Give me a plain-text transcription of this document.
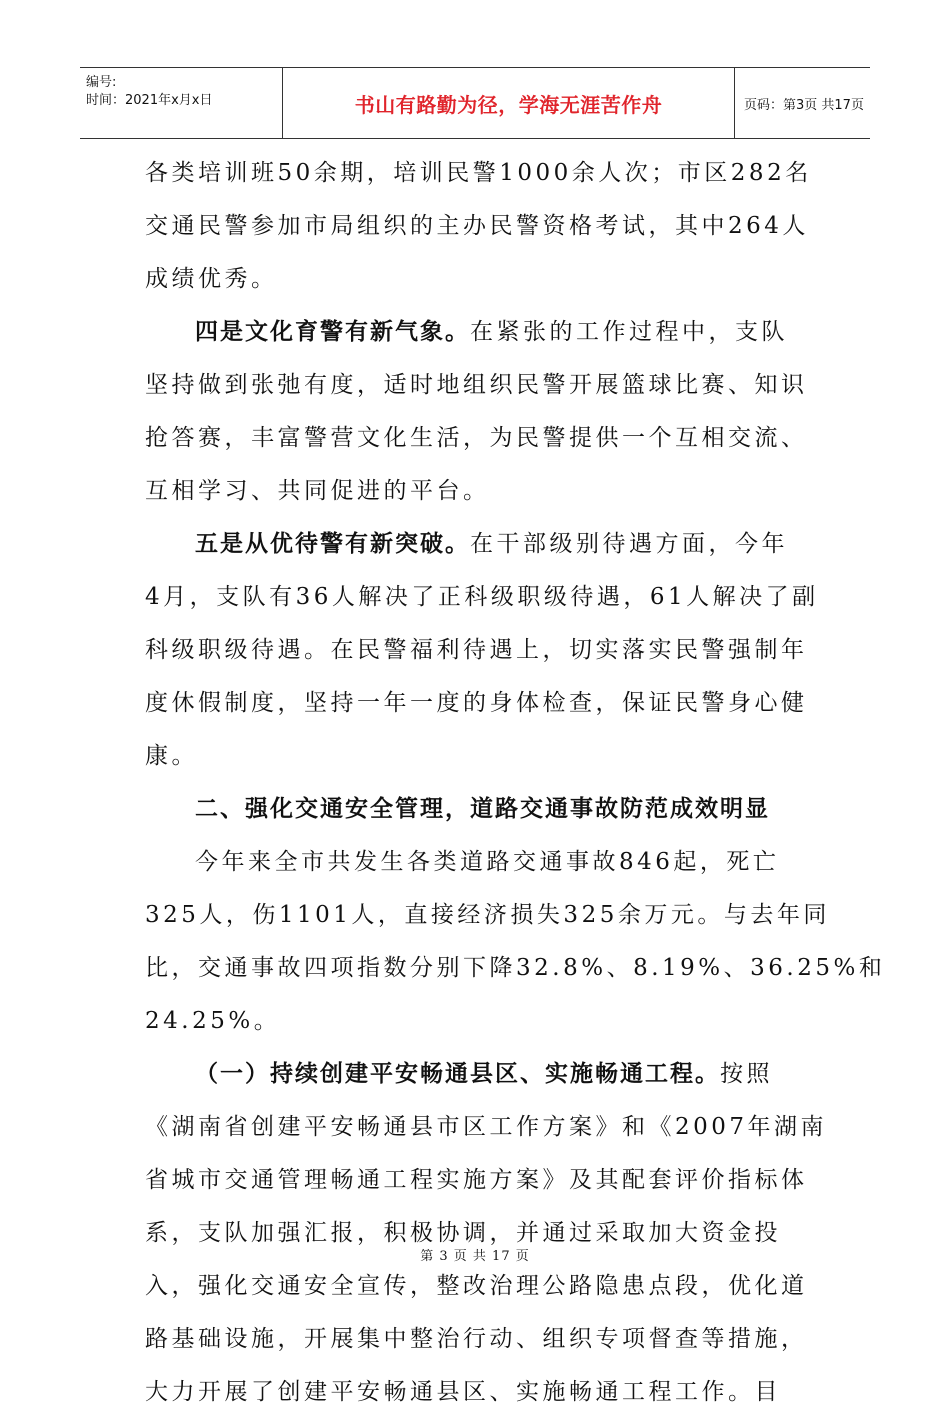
编号:
时间：2021年x月x日	书山有路勤为径，学海无涯苦作舟	页码：第3页 共17页
各类培训班50余期，培训民警1000余人次；市区282名
交通民警参加市局组织的主办民警资格考试，其中264人
成绩优秀。
四是文化育警有新气象。在紧张的工作过程中，支队
坚持做到张弛有度，适时地组织民警开展篮球比赛、知识
抢答赛，丰富警营文化生活，为民警提供一个互相交流、
互相学习、共同促进的平台。
五是从优待警有新突破。在干部级别待遇方面，今年
4月，支队有36人解决了正科级职级待遇，61人解决了副
科级职级待遇。在民警福利待遇上，切实落实民警强制年
度休假制度，坚持一年一度的身体检查，保证民警身心健
康。
二、强化交通安全管理，道路交通事故防范成效明显
今年来全市共发生各类道路交通事故846起，死亡
325人，伤1101人，直接经济损失325余万元。与去年同
比，交通事故四项指数分别下降32.8%、8.19%、36.25%和
24.25%。
（一）持续创建平安畅通县区、实施畅通工程。按照
《湖南省创建平安畅通县市区工作方案》和《2007年湖南
省城市交通管理畅通工程实施方案》及其配套评价指标体
系，支队加强汇报，积极协调，并通过采取加大资金投
入，强化交通安全宣传，整改治理公路隐患点段，优化道
路基础设施，开展集中整治行动、组织专项督查等措施，
大力开展了创建平安畅通县区、实施畅通工程工作。目
第 3 页 共 17 页
